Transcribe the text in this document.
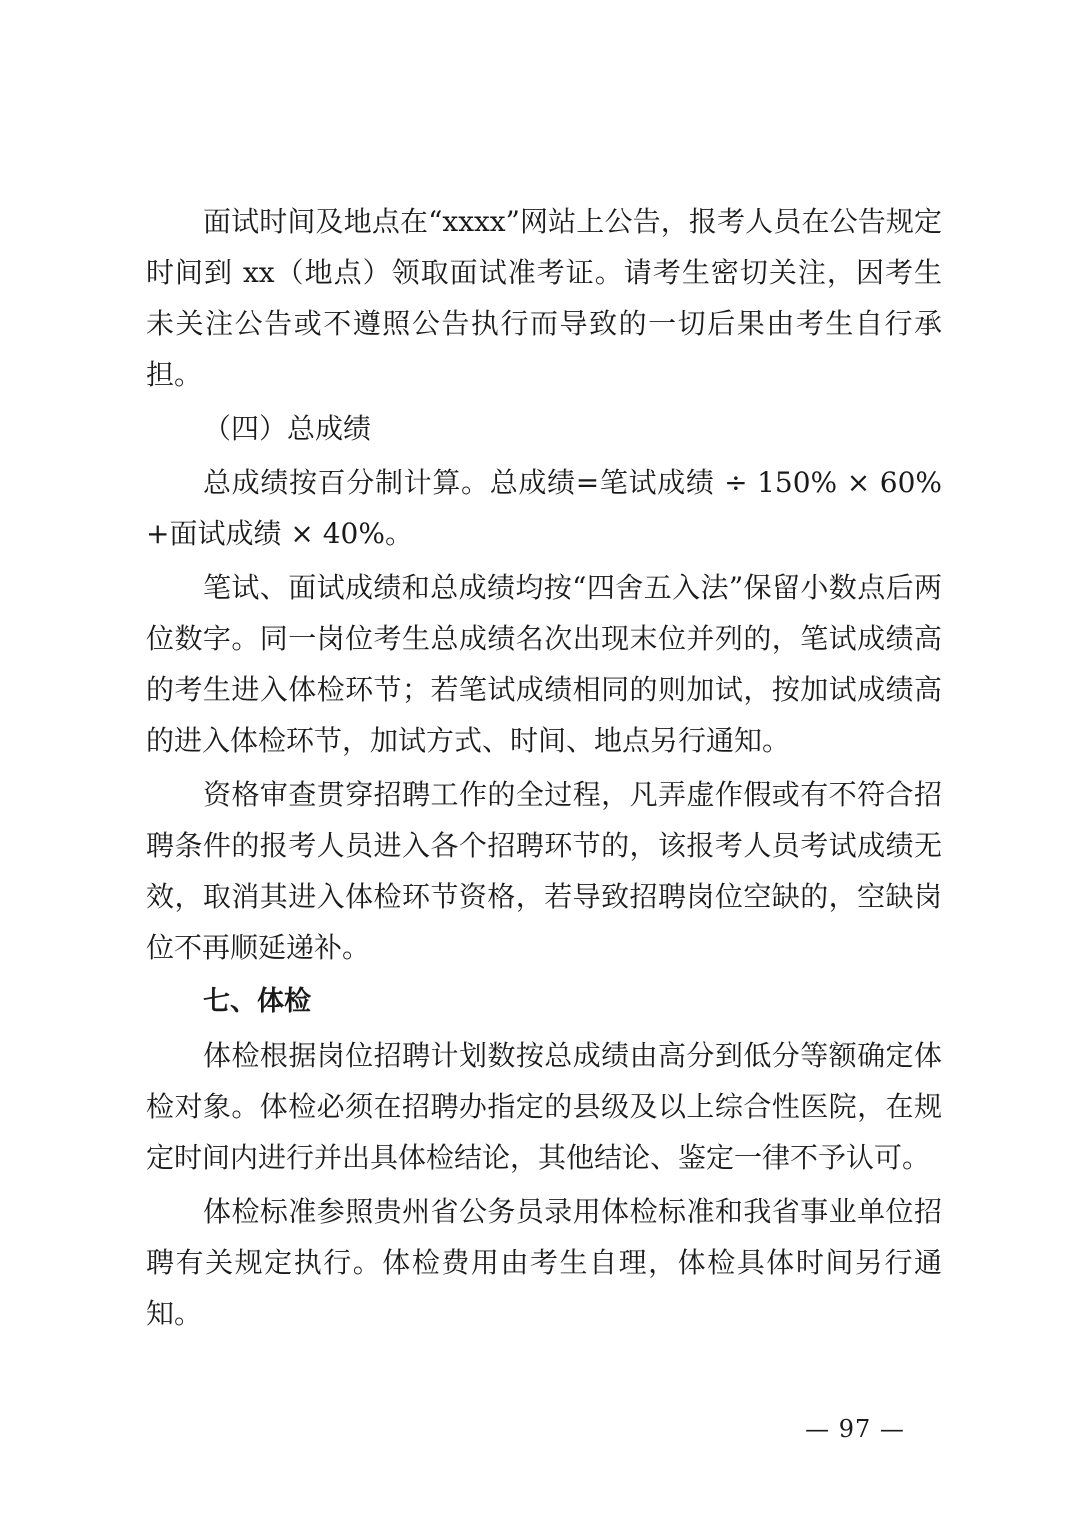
面试时间及地点在“xxxx”网站上公告，报考人员在公告规定时间到 xx（地点）领取面试准考证。请考生密切关注，因考生未关注公告或不遵照公告执行而导致的一切后果由考生自行承担。

（四）总成绩

总成绩按百分制计算。总成绩=笔试成绩 ÷ 150% × 60%+面试成绩 × 40%。

笔试、面试成绩和总成绩均按“四舍五入法”保留小数点后两位数字。同一岗位考生总成绩名次出现末位并列的，笔试成绩高的考生进入体检环节；若笔试成绩相同的则加试，按加试成绩高的进入体检环节，加试方式、时间、地点另行通知。

资格审查贯穿招聘工作的全过程，凡弄虚作假或有不符合招聘条件的报考人员进入各个招聘环节的，该报考人员考试成绩无效，取消其进入体检环节资格，若导致招聘岗位空缺的，空缺岗位不再顺延递补。

七、体检

体检根据岗位招聘计划数按总成绩由高分到低分等额确定体检对象。体检必须在招聘办指定的县级及以上综合性医院，在规定时间内进行并出具体检结论，其他结论、鉴定一律不予认可。

体检标准参照贵州省公务员录用体检标准和我省事业单位招聘有关规定执行。体检费用由考生自理，体检具体时间另行通知。

— 97 —
